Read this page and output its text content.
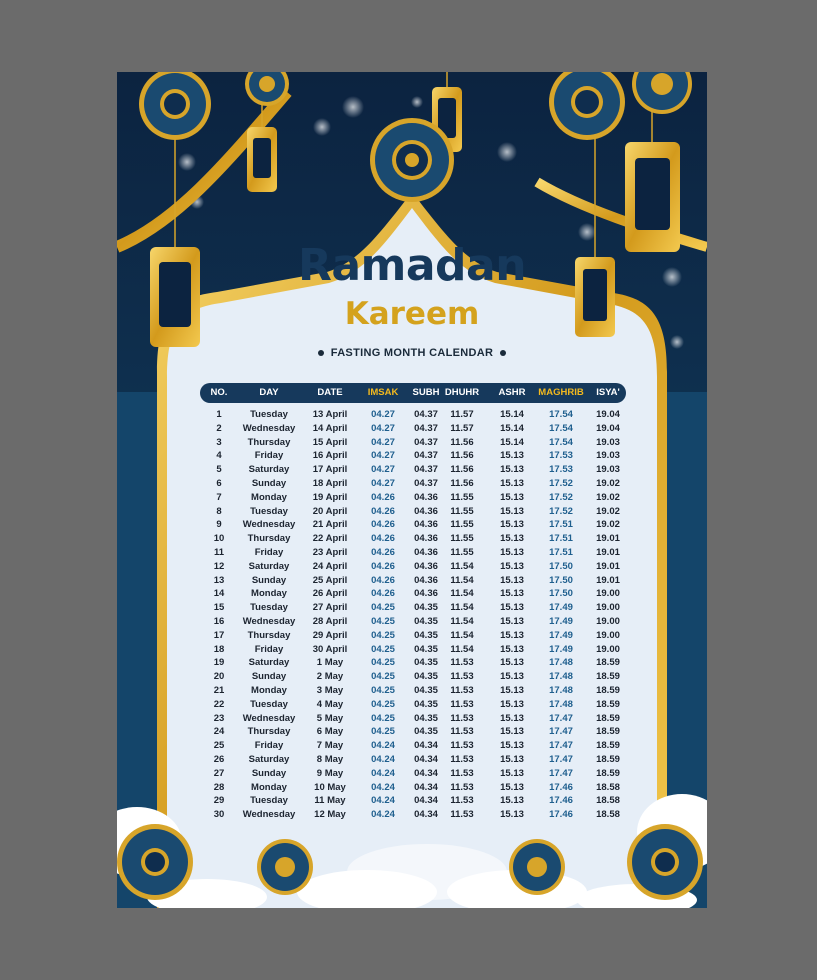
Ramadan
Kareem
FASTING MONTH CALENDAR
NO.	DAY	DATE	IMSAK SUBH DHUHR ASHR MAGHRIB ISYA'
1	Tuesday	13 April	04.27 04.37 11.57	15.14	17.54 19.04
2 Wednesday 14 April	04.27 04.37 11.57	15.14	17.54 19.04
3	Thursday 15 April	04.27 04.37 11.56	15.14	17.54 19.03
4	Friday	16 April	04.27 04.37 11.56	15.13	17.53 19.03
5	Saturday 17 April	04.27 04.37 11.56	15.13	17.53 19.03
6	Sunday	18 April	04.27 04.37 11.56	15.13	17.52 19.02
7	Monday	19 April	04.26 04.36 11.55	15.13	17.52 19.02
8	Tuesday	20 April	04.26 04.36 11.55	15.13	17.52 19.02
9 Wednesday 21 April	04.26 04.36 11.55	15.13	17.51 19.02
10 Thursday 22 April	04.26 04.36 11.55	15.13	17.51 19.01
11	Friday	23 April	04.26 04.36 11.55	15.13	17.51 19.01
12	Saturday 24 April	04.26 04.36 11.54	15.13	17.50 19.01
13	Sunday	25 April	04.26 04.36 11.54	15.13	17.50 19.01
14	Monday	26 April	04.26 04.36 11.54	15.13	17.50 19.00
15	Tuesday	27 April	04.25 04.35 11.54	15.13	17.49 19.00
16 Wednesday 28 April	04.25 04.35 11.54	15.13	17.49 19.00
17 Thursday 29 April	04.25 04.35 11.54	15.13	17.49 19.00
18	Friday	30 April	04.25 04.35 11.54	15.13	17.49 19.00
19	Saturday	1 May	04.25 04.35 11.53	15.13	17.48 18.59
20	Sunday	2 May	04.25 04.35 11.53	15.13	17.48 18.59
21	Monday	3 May	04.25 04.35 11.53	15.13	17.48 18.59
22	Tuesday	4 May	04.25 04.35 11.53	15.13	17.48 18.59
23 Wednesday 5 May	04.25 04.35 11.53	15.13	17.47 18.59
24 Thursday	6 May	04.25 04.35 11.53	15.13	17.47 18.59
25	Friday	7 May	04.24 04.34 11.53	15.13	17.47 18.59
26	Saturday	8 May	04.24 04.34 11.53	15.13	17.47 18.59
27	Sunday	9 May	04.24 04.34 11.53	15.13	17.47 18.59
28	Monday	10 May	04.24 04.34 11.53	15.13	17.46 18.58
29	Tuesday	11 May	04.24 04.34 11.53	15.13	17.46 18.58
30 Wednesday 12 May	04.24 04.34 11.53	15.13	17.46 18.58
